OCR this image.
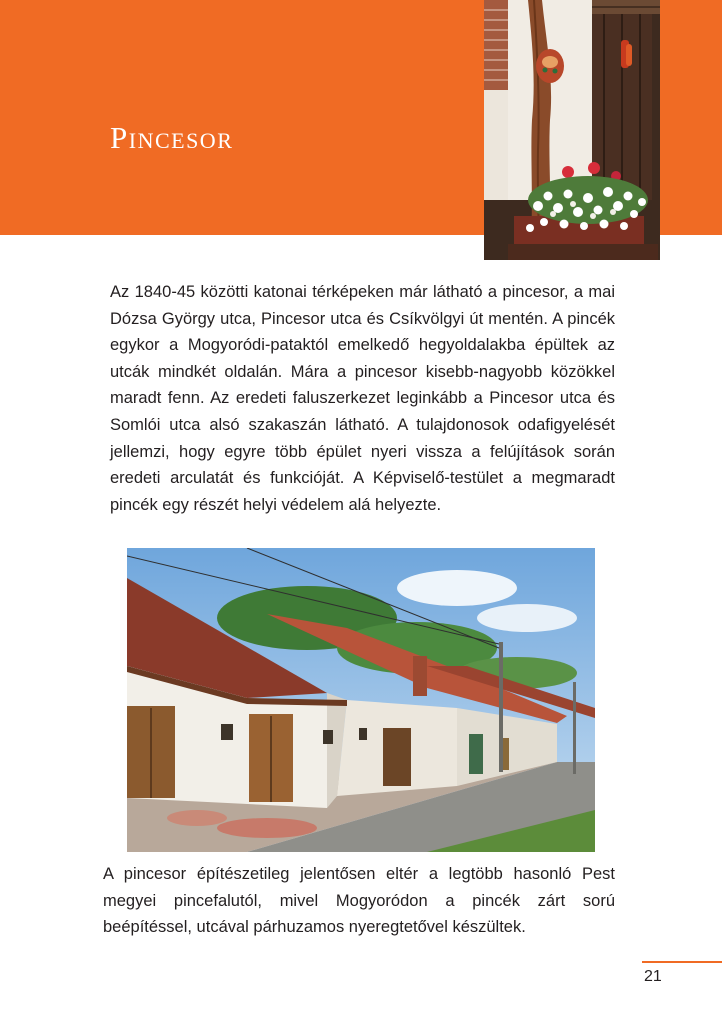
Pincesor

Az 1840-45 közötti katonai térképeken már látható a pincesor, a mai Dózsa György utca, Pincesor utca és Csíkvölgyi út mentén. A pincék egykor a Mogyoródi-pataktól emelkedő hegyoldalakba épültek az utcák mindkét oldalán. Mára a pincesor kisebb-nagyobb közökkel maradt fenn. Az eredeti faluszerkezet leginkább a Pincesor utca és Somlói utca alsó szakaszán látható. A tulajdonosok odafigyelését jellemzi, hogy egyre több épület nyeri vissza a felújítások során eredeti arculatát és funkcióját. A Képviselő-testület a megmaradt pincék egy részét helyi védelem alá helyezte.

A pincesor építészetileg jelentősen eltér a legtöbb hasonló Pest megyei pincefalutól, mivel Mogyoródon a pincék zárt sorú beépítéssel, utcával párhuzamos nyeregtetővel készültek.

21
